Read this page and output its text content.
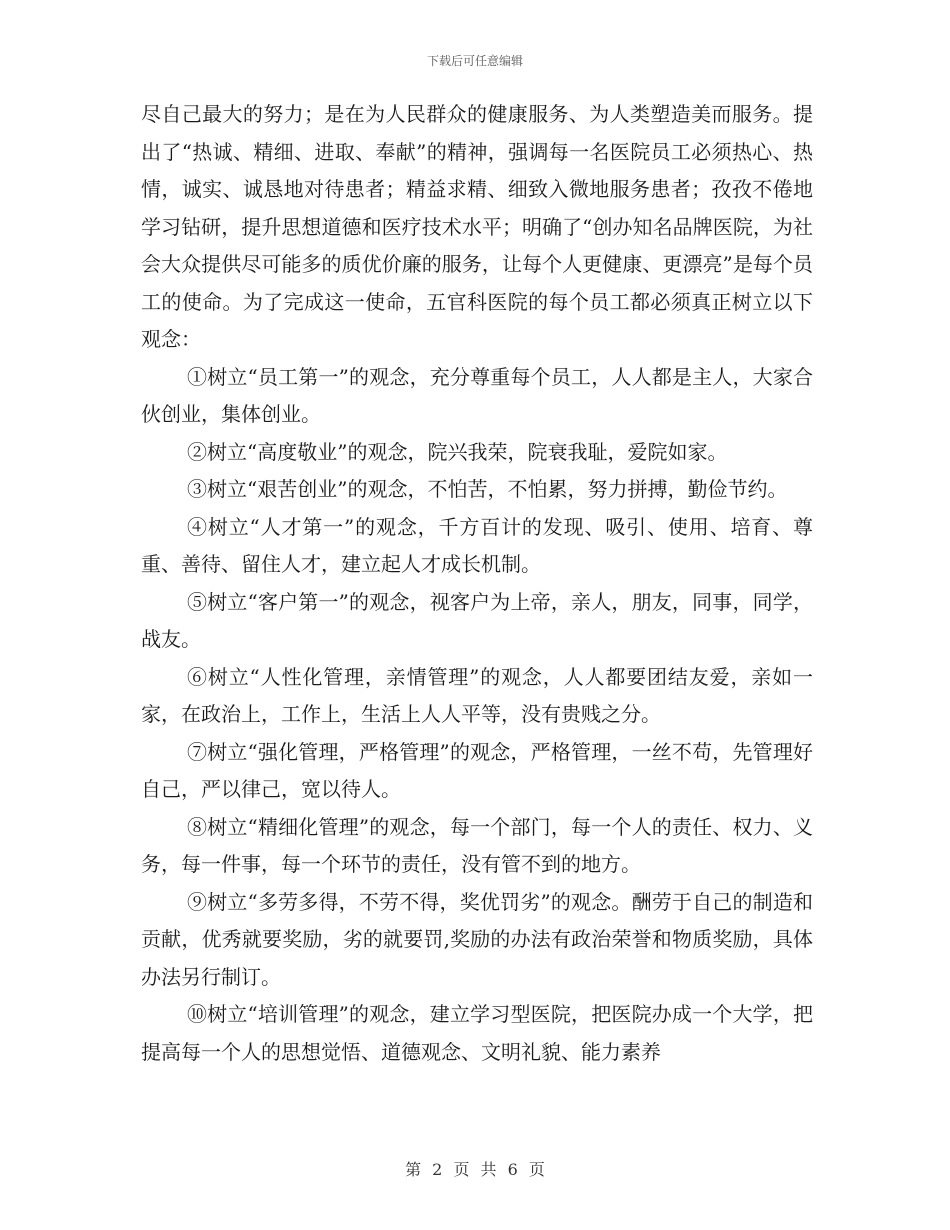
下载后可任意编辑

尽自己最大的努力；是在为人民群众的健康服务、为人类塑造美而服务。提出了“热诚、精细、进取、奉献”的精神，强调每一名医院员工必须热心、热情，诚实、诚恳地对待患者；精益求精、细致入微地服务患者；孜孜不倦地学习钻研，提升思想道德和医疗技术水平；明确了“创办知名品牌医院，为社会大众提供尽可能多的质优价廉的服务，让每个人更健康、更漂亮”是每个员工的使命。为了完成这一使命，五官科医院的每个员工都必须真正树立以下观念：

①树立“员工第一”的观念，充分尊重每个员工，人人都是主人，大家合伙创业，集体创业。

②树立“高度敬业”的观念，院兴我荣，院衰我耻，爱院如家。

③树立“艰苦创业”的观念，不怕苦，不怕累，努力拼搏，勤俭节约。

④树立“人才第一”的观念，千方百计的发现、吸引、使用、培育、尊重、善待、留住人才，建立起人才成长机制。

⑤树立“客户第一”的观念，视客户为上帝，亲人，朋友，同事，同学，战友。

⑥树立“人性化管理，亲情管理”的观念，人人都要团结友爱，亲如一家，在政治上，工作上，生活上人人平等，没有贵贱之分。

⑦树立“强化管理，严格管理”的观念，严格管理，一丝不苟，先管理好自己，严以律己，宽以待人。

⑧树立“精细化管理”的观念，每一个部门，每一个人的责任、权力、义务，每一件事，每一个环节的责任，没有管不到的地方。

⑨树立“多劳多得，不劳不得，奖优罚劣”的观念。酬劳于自己的制造和贡献，优秀就要奖励，劣的就要罚,奖励的办法有政治荣誉和物质奖励，具体办法另行制订。

⑩树立“培训管理”的观念，建立学习型医院，把医院办成一个大学，把提高每一个人的思想觉悟、道德观念、文明礼貌、能力素养

第 2 页 共 6 页
